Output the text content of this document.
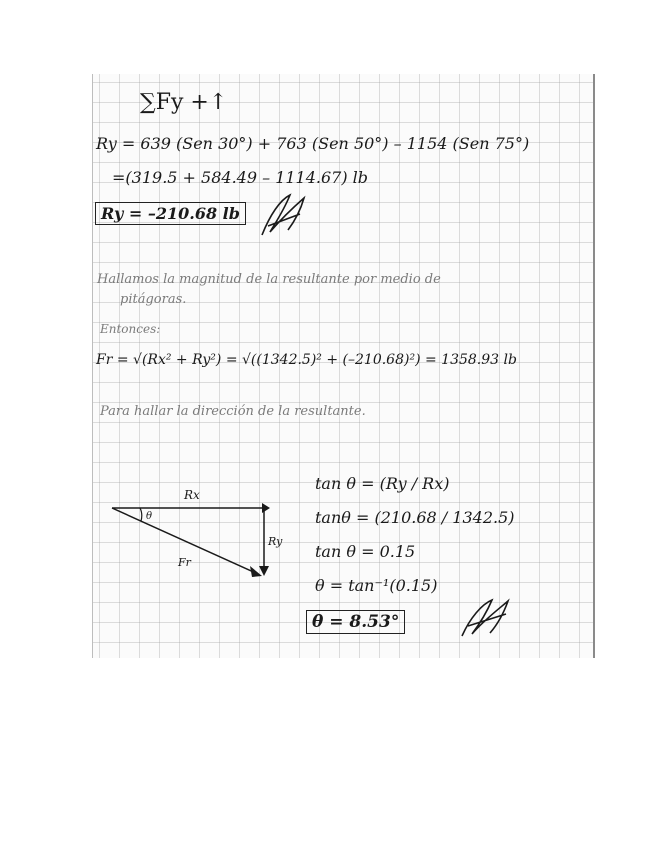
∑Fy +↑
Ry = 639 (Sen 30°) + 763 (Sen 50°) – 1154 (Sen 75°)
=(319.5 + 584.49 – 1114.67) lb
Ry = –210.68 lb
Hallamos la magnitud de la resultante por medio de
pitágoras.
Entonces:
Fr = √(Rx² + Ry²) = √((1342.5)² + (–210.68)²) = 1358.93 lb
Para hallar la dirección de la resultante.
Rx
Ry
Fr
θ
tan θ = (Ry / Rx)
tanθ = (210.68 / 1342.5)
tan θ = 0.15
θ = tan⁻¹(0.15)
θ = 8.53°
